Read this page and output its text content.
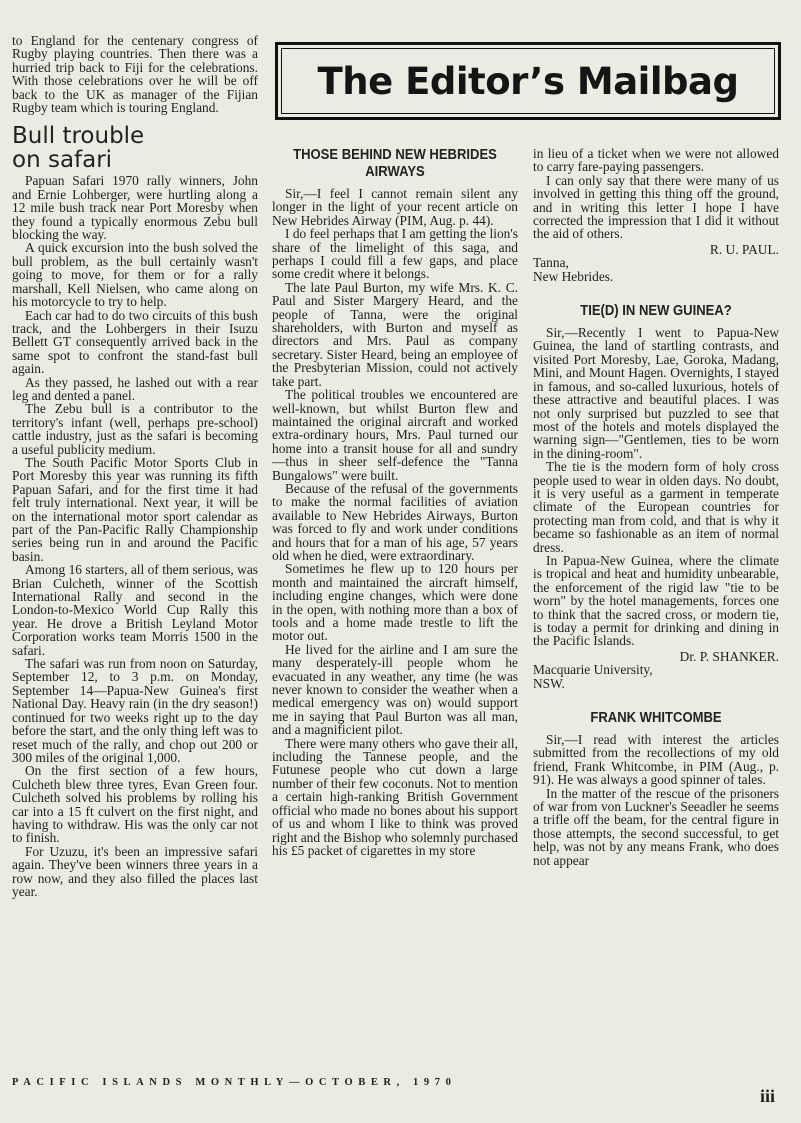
to England for the centenary congress of Rugby playing countries. Then there was a hurried trip back to Fiji for the celebrations. With those celebrations over he will be off back to the UK as manager of the Fijian Rugby team which is touring England.

Bull trouble
on safari

Papuan Safari 1970 rally winners, John and Ernie Lohberger, were hurtling along a 12 mile bush track near Port Moresby when they found a typically enormous Zebu bull blocking the way.

A quick excursion into the bush solved the bull problem, as the bull certainly wasn't going to move, for them or for a rally marshall, Kell Nielsen, who came along on his motorcycle to try to help.

Each car had to do two circuits of this bush track, and the Lohbergers in their Isuzu Bellett GT consequently arrived back in the same spot to confront the stand-fast bull again.

As they passed, he lashed out with a rear leg and dented a panel.

The Zebu bull is a contributor to the territory's infant (well, perhaps pre-school) cattle industry, just as the safari is becoming a useful publicity medium.

The South Pacific Motor Sports Club in Port Moresby this year was running its fifth Papuan Safari, and for the first time it had felt truly international. Next year, it will be on the international motor sport calendar as part of the Pan-Pacific Rally Championship series being run in and around the Pacific basin.

Among 16 starters, all of them serious, was Brian Culcheth, winner of the Scottish International Rally and second in the London-to-Mexico World Cup Rally this year. He drove a British Leyland Motor Corporation works team Morris 1500 in the safari.

The safari was run from noon on Saturday, September 12, to 3 p.m. on Monday, September 14—Papua-New Guinea's first National Day. Heavy rain (in the dry season!) continued for two weeks right up to the day before the start, and the only thing left was to reset much of the rally, and chop out 200 or 300 miles of the original 1,000.

On the first section of a few hours, Culcheth blew three tyres, Evan Green four. Culcheth solved his problems by rolling his car into a 15 ft culvert on the first night, and having to withdraw. His was the only car not to finish.

For Uzuzu, it's been an impressive safari again. They've been winners three years in a row now, and they also filled the places last year.

The Editor’s Mailbag
THOSE BEHIND NEW HEBRIDES AIRWAYS

Sir,—I feel I cannot remain silent any longer in the light of your recent article on New Hebrides Airway (PIM, Aug. p. 44).

I do feel perhaps that I am getting the lion's share of the limelight of this saga, and perhaps I could fill a few gaps, and place some credit where it belongs.

The late Paul Burton, my wife Mrs. K. C. Paul and Sister Margery Heard, and the people of Tanna, were the original shareholders, with Burton and myself as directors and Mrs. Paul as company secretary. Sister Heard, being an employee of the Presbyterian Mission, could not actively take part.

The political troubles we encountered are well-known, but whilst Burton flew and maintained the original aircraft and worked extra-ordinary hours, Mrs. Paul turned our home into a transit house for all and sundry—thus in sheer self-defence the "Tanna Bungalows" were built.

Because of the refusal of the governments to make the normal facilities of aviation available to New Hebrides Airways, Burton was forced to fly and work under conditions and hours that for a man of his age, 57 years old when he died, were extraordinary.

Sometimes he flew up to 120 hours per month and maintained the aircraft himself, including engine changes, which were done in the open, with nothing more than a box of tools and a home made trestle to lift the motor out.

He lived for the airline and I am sure the many desperately-ill people whom he evacuated in any weather, any time (he was never known to consider the weather when a medical emergency was on) would support me in saying that Paul Burton was all man, and a magnificient pilot.

There were many others who gave their all, including the Tannese people, and the Futunese people who cut down a large number of their few coconuts. Not to mention a certain high-ranking British Government official who made no bones about his support of us and whom I like to think was proved right and the Bishop who solemnly purchased his £5 packet of cigarettes in my store

in lieu of a ticket when we were not allowed to carry fare-paying passengers.

I can only say that there were many of us involved in getting this thing off the ground, and in writing this letter I hope I have corrected the impression that I did it without the aid of others.

R. U. PAUL.

Tanna,
New Hebrides.

TIE(D) IN NEW GUINEA?

Sir,—Recently I went to Papua-New Guinea, the land of startling contrasts, and visited Port Moresby, Lae, Goroka, Madang, Mini, and Mount Hagen. Overnights, I stayed in famous, and so-called luxurious, hotels of these attractive and beautiful places. I was not only surprised but puzzled to see that most of the hotels and motels displayed the warning sign—"Gentlemen, ties to be worn in the dining-room".

The tie is the modern form of holy cross people used to wear in olden days. No doubt, it is very useful as a garment in temperate climate of the European countries for protecting man from cold, and that is why it became so fashionable as an item of normal dress.

In Papua-New Guinea, where the climate is tropical and heat and humidity unbearable, the enforcement of the rigid law "tie to be worn" by the hotel managements, forces one to think that the sacred cross, or modern tie, is today a permit for drinking and dining in the Pacific Islands.

Dr. P. SHANKER.

Macquarie University,
NSW.

FRANK WHITCOMBE

Sir,—I read with interest the articles submitted from the recollections of my old friend, Frank Whitcombe, in PIM (Aug., p. 91). He was always a good spinner of tales.

In the matter of the rescue of the prisoners of war from von Luckner's Seeadler he seems a trifle off the beam, for the central figure in those attempts, the second successful, to get help, was not by any means Frank, who does not appear

PACIFIC ISLANDS MONTHLY—OCTOBER, 1970
iii
